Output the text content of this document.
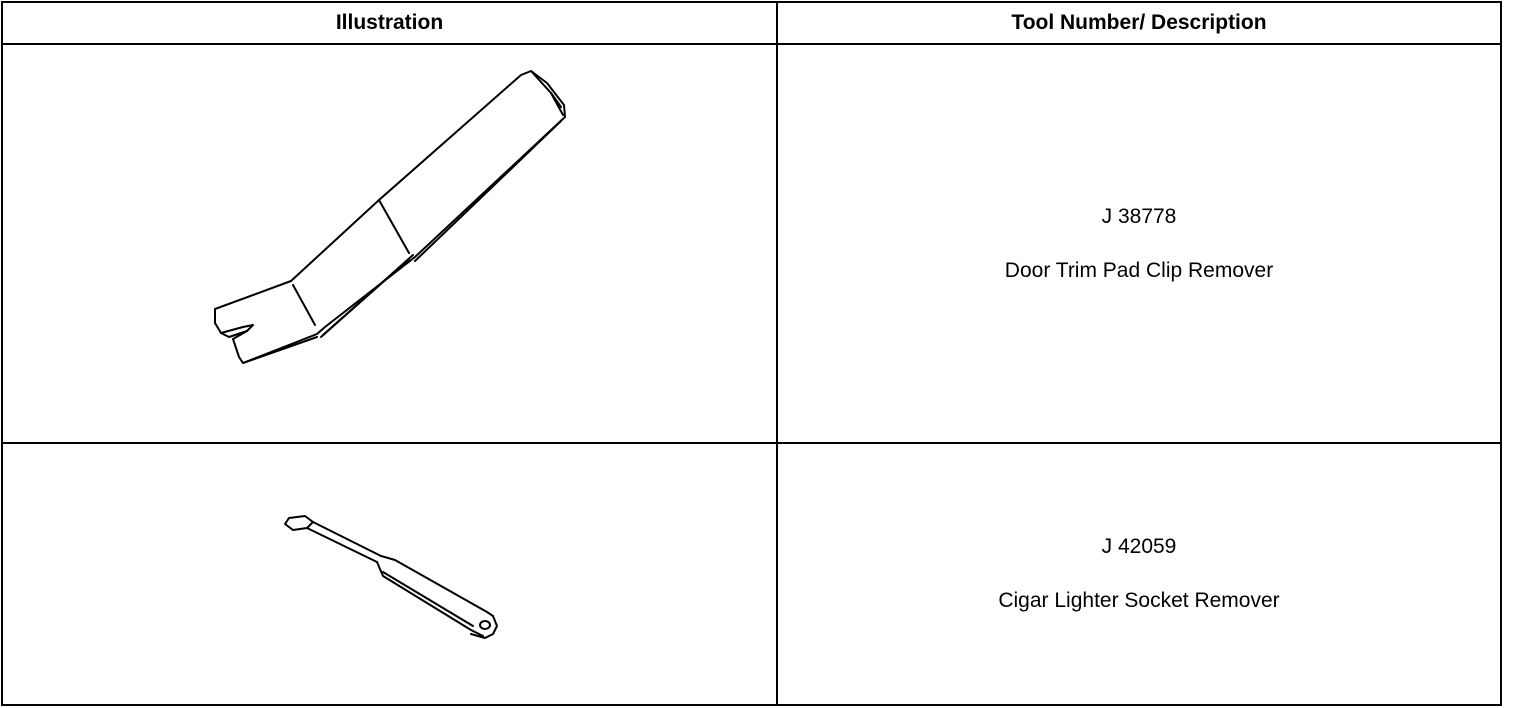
Illustration	Tool Number/ Description

J 38778
Door Trim Pad Clip Remover

J 42059
Cigar Lighter Socket Remover
